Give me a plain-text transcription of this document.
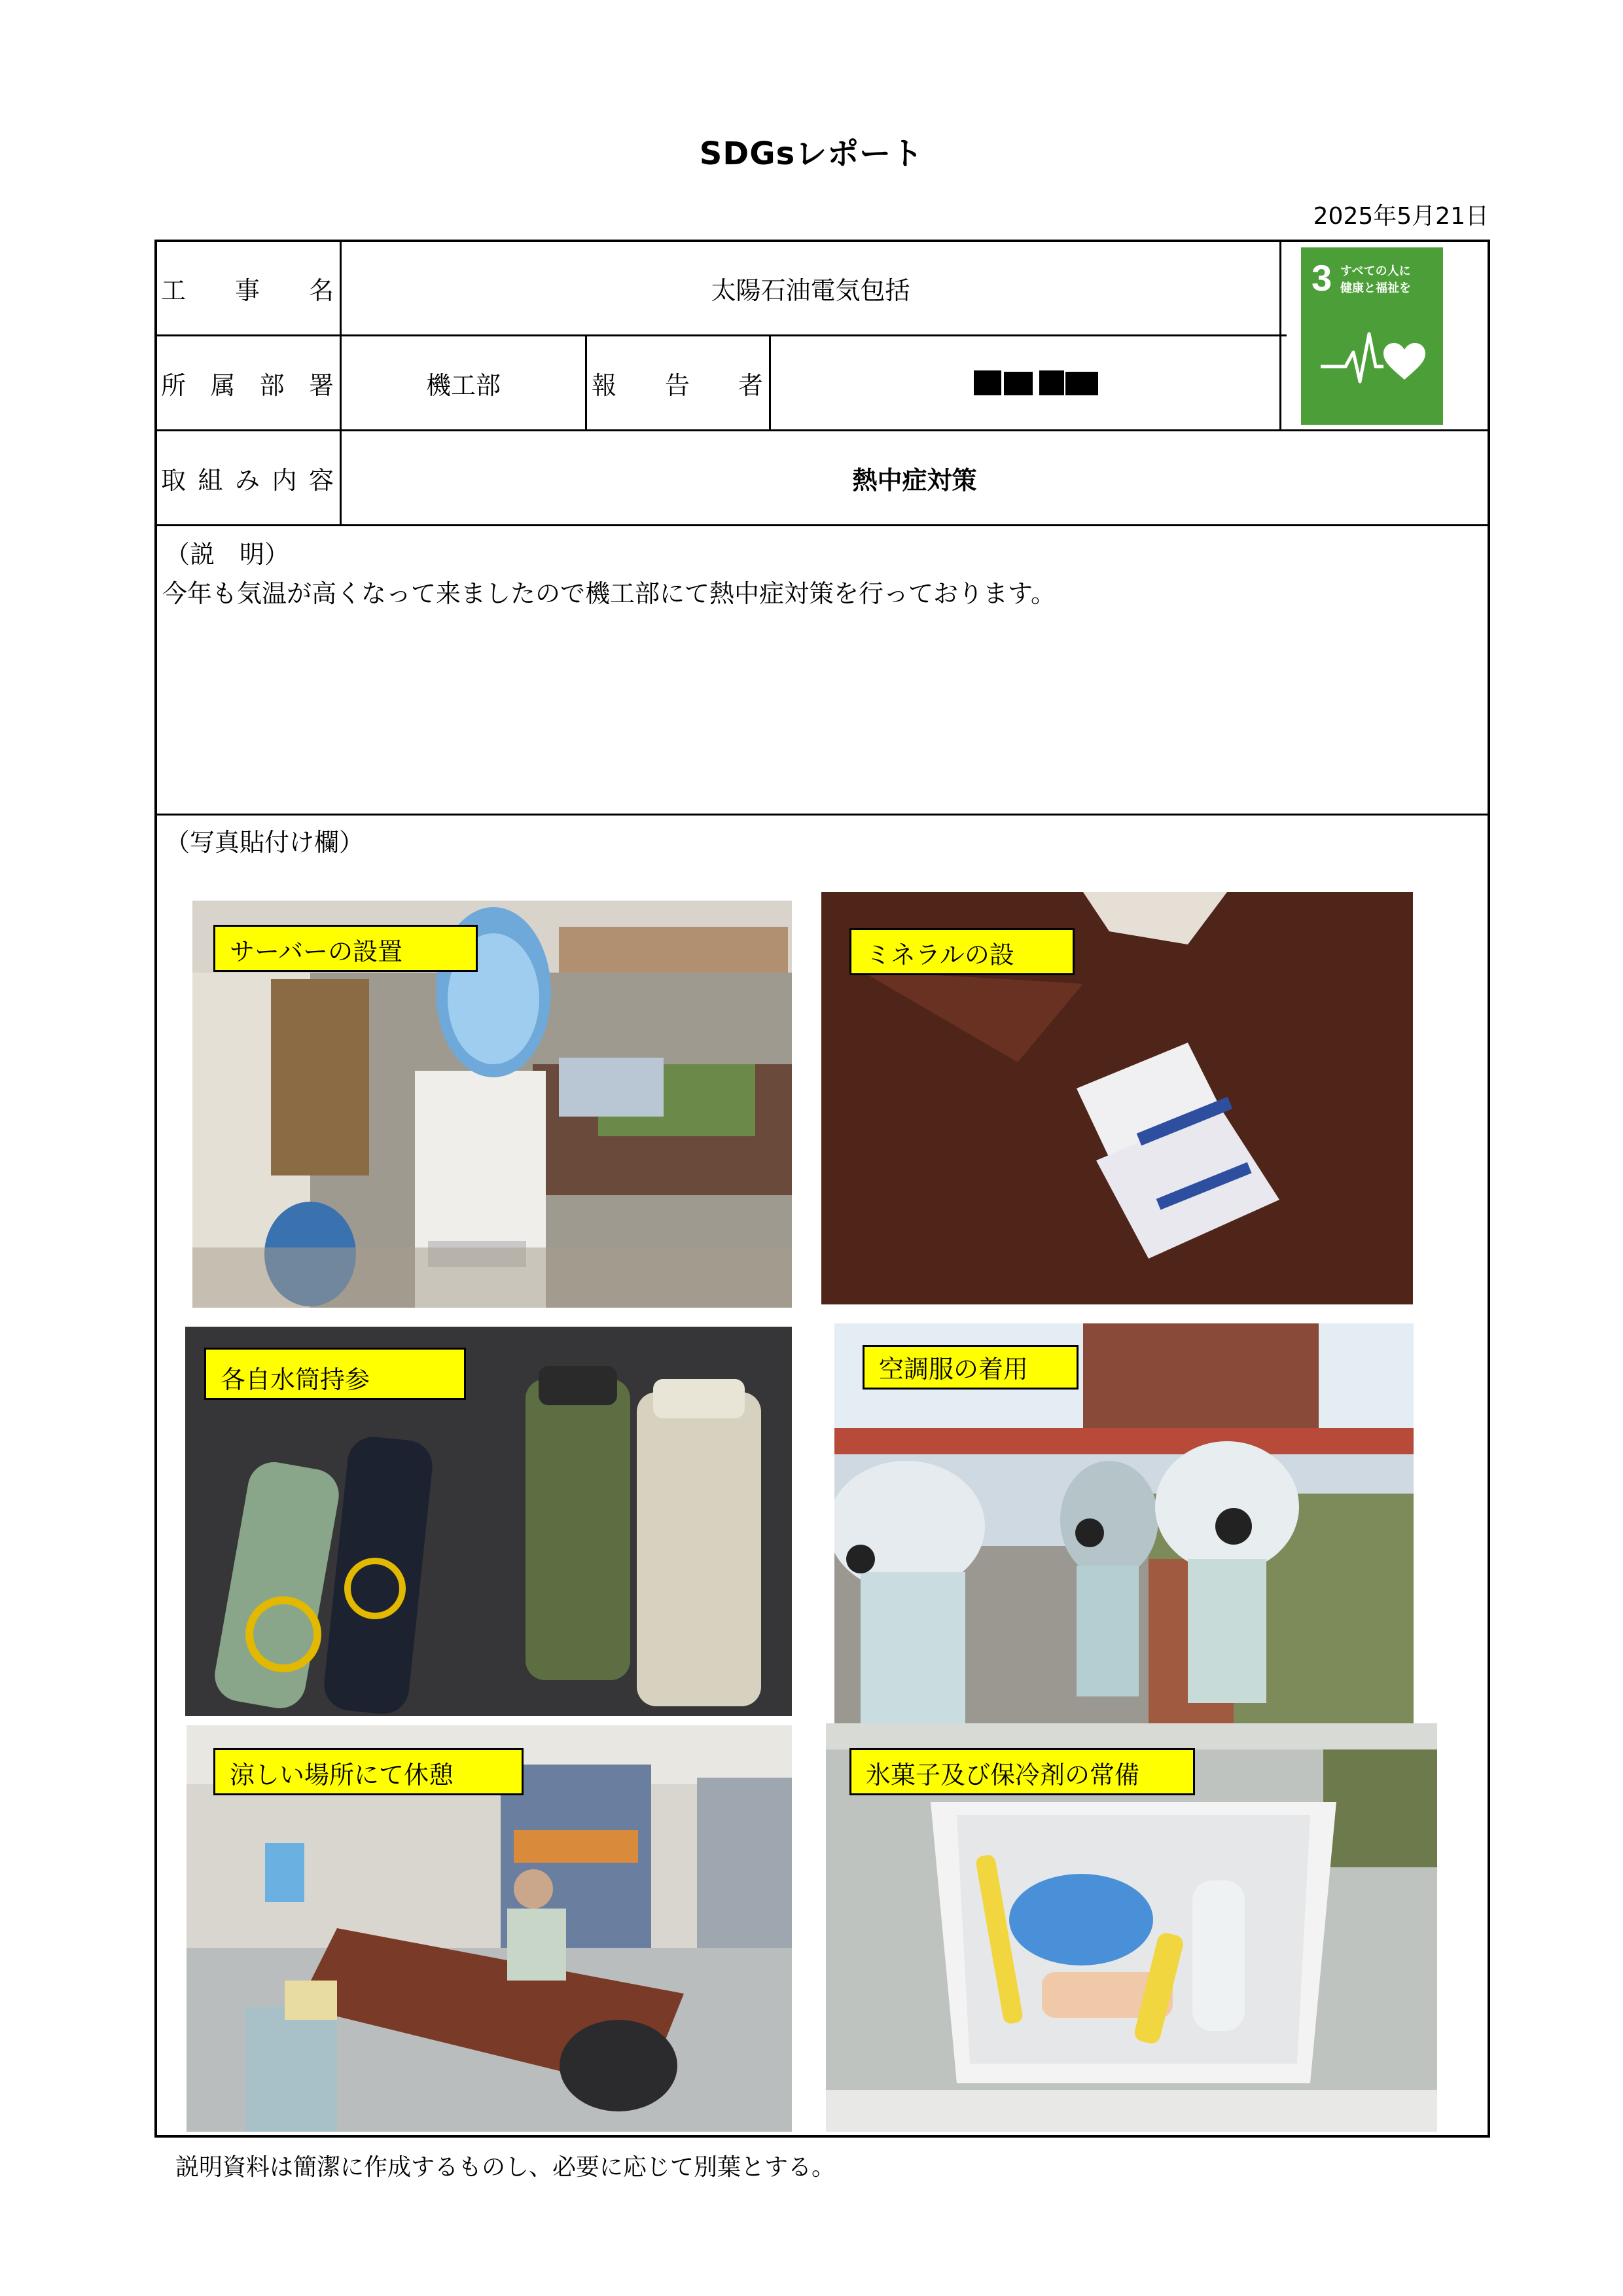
SDGsレポート
2025年5月21日
工 事 名	太陽石油電気包括
所 属 部 署	機工部	報 告 者
3 すべての人に
健康と福祉を
取 組 み 内 容	熱中症対策
（説　明）
今年も気温が高くなって来ましたので機工部にて熱中症対策を行っております。
（写真貼付け欄）
サーバーの設置	ミネラルの設
各自水筒持参	空調服の着用
涼しい場所にて休憩	氷菓子及び保冷剤の常備
説明資料は簡潔に作成するものし、必要に応じて別葉とする。
